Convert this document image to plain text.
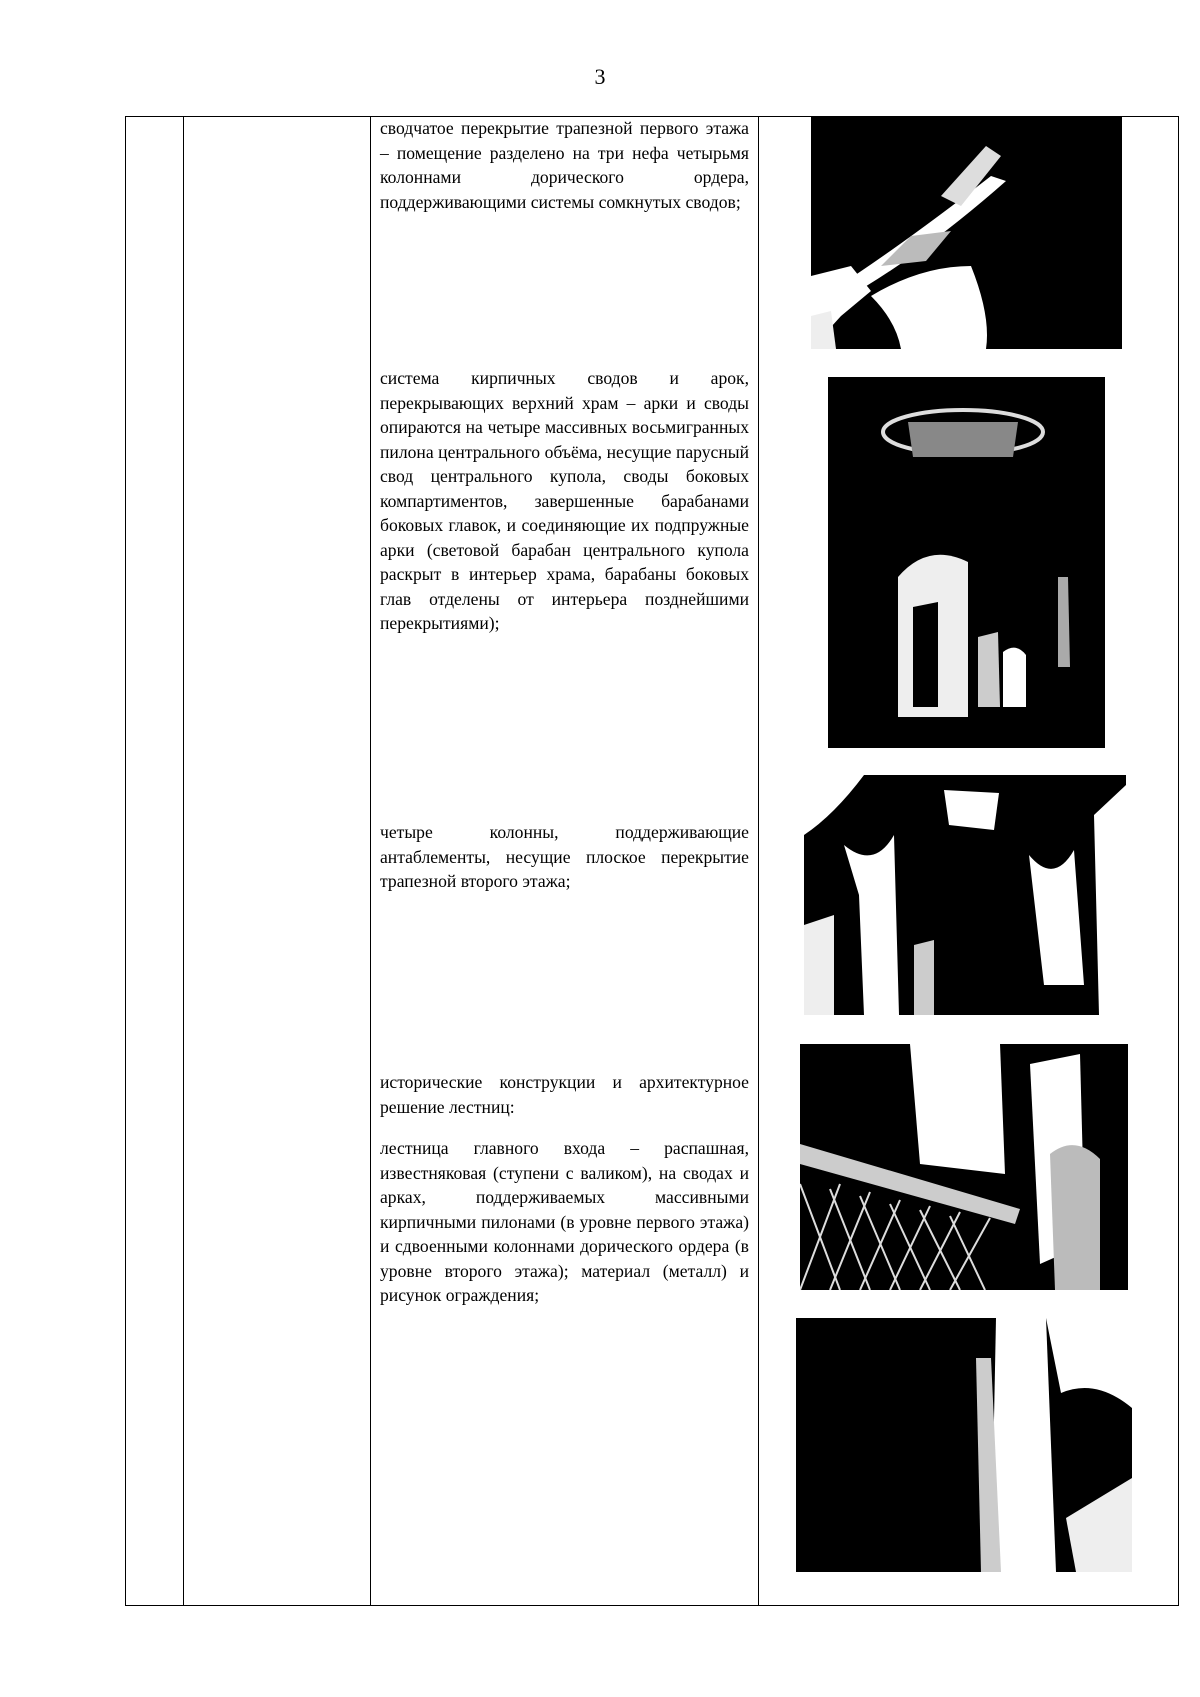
3

сводчатое перекрытие трапезной первого этажа – помещение разделено на три нефа четырьмя колоннами дорического ордера, поддерживающими системы сомкнутых сводов;

система кирпичных сводов и арок, перекрывающих верхний храм – арки и своды опираются на четыре массивных восьмигранных пилона центрального объёма, несущие парусный свод центрального купола, своды боковых компартиментов, завершенные барабанами боковых главок, и соединяющие их подпружные арки (световой барабан центрального купола раскрыт в интерьер храма, барабаны боковых глав отделены от интерьера позднейшими перекрытиями);

четыре колонны, поддерживающие антаблементы, несущие плоское перекрытие трапезной второго этажа;

исторические конструкции и архитектурное решение лестниц:

лестница главного входа – распашная, известняковая (ступени с валиком), на сводах и арках, поддерживаемых массивными кирпичными пилонами (в уровне первого этажа) и сдвоенными колоннами дорического ордера (в уровне второго этажа); материал (металл) и рисунок ограждения;
